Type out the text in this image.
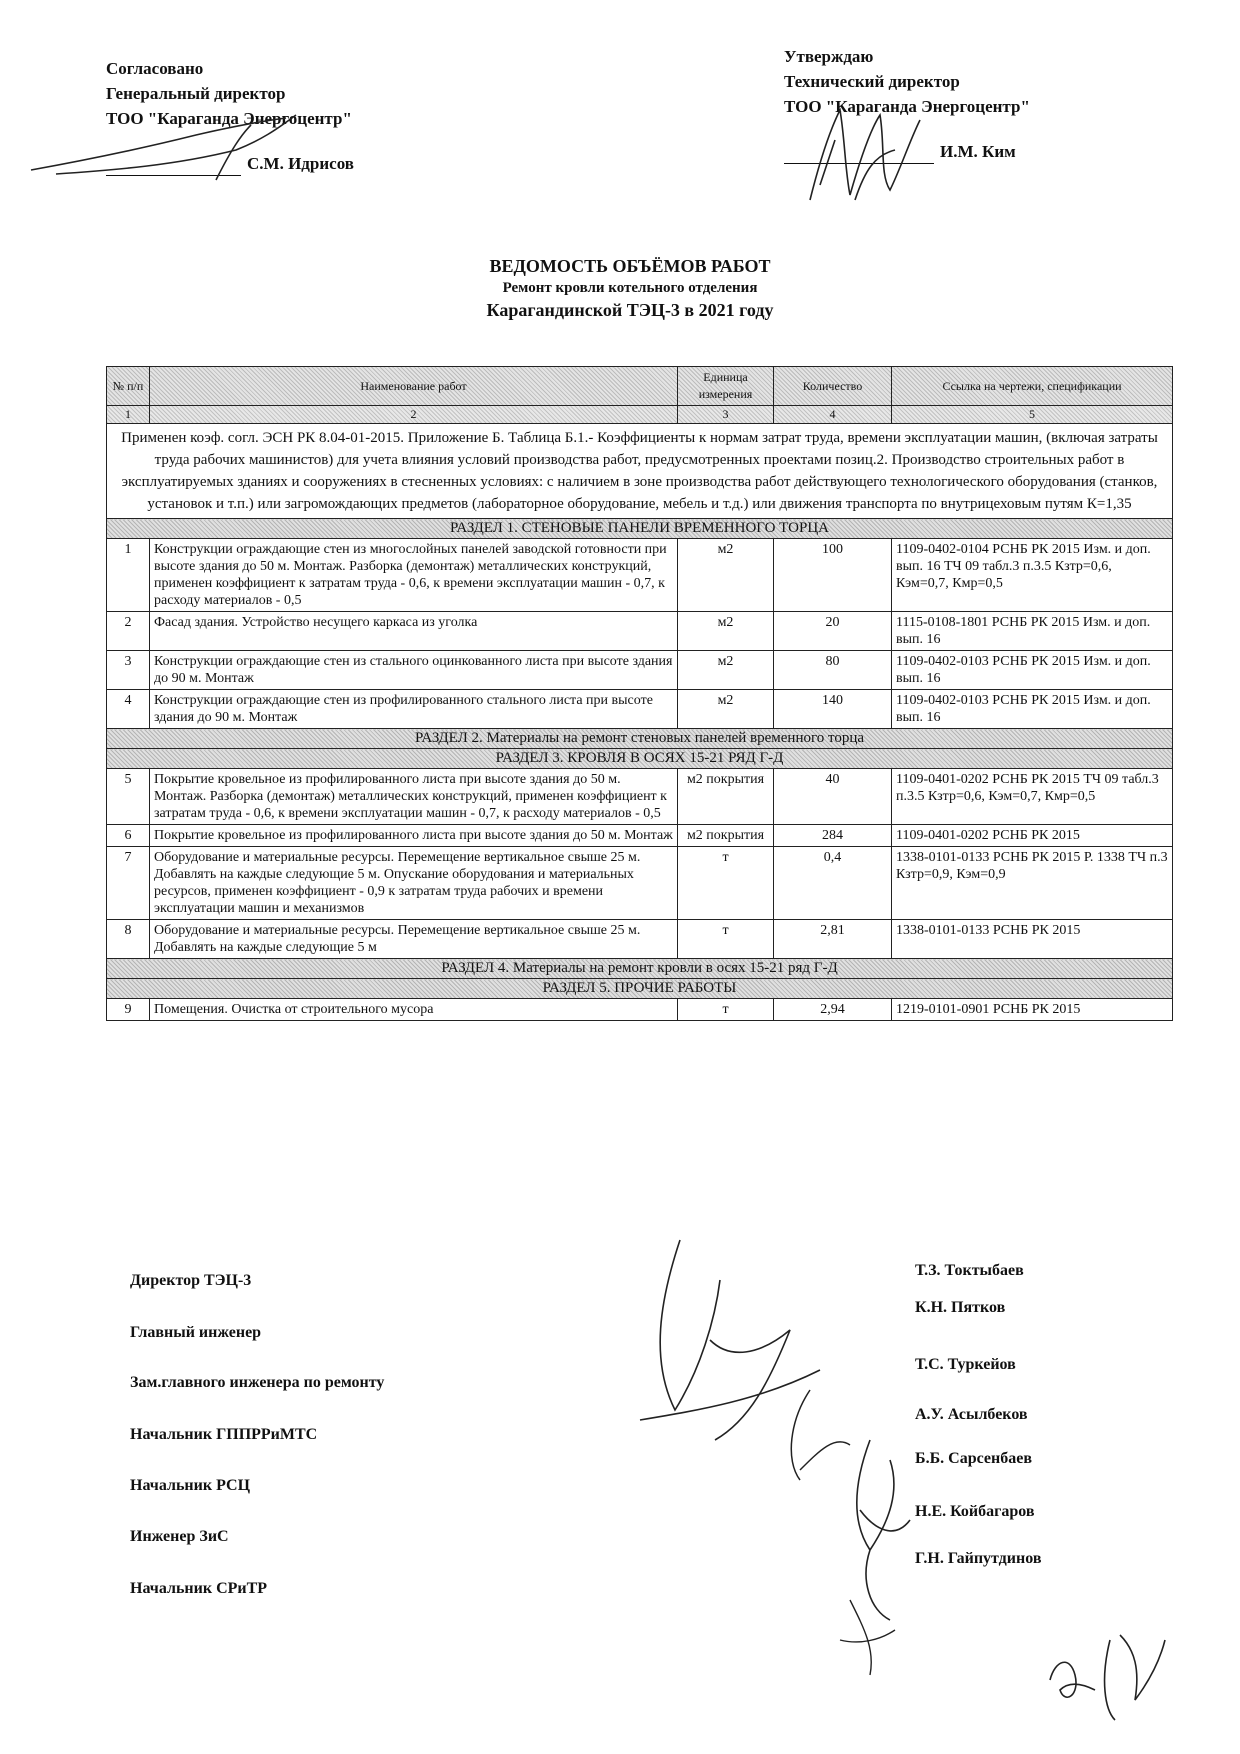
Согласовано
Генеральный директор
ТОО "Караганда Энергоцентр"
С.М. Идрисов
Утверждаю
Технический директор
ТОО "Караганда Энергоцентр"
И.М. Ким
ВЕДОМОСТЬ ОБЪЁМОВ РАБОТ
Ремонт кровли котельного отделения
Карагандинской ТЭЦ-3 в 2021 году
№ п/п	Наименование работ	Единица измерения	Количество	Ссылка на чертежи, спецификации
1	2	3	4	5
Применен коэф. согл. ЭСН РК 8.04-01-2015. Приложение Б. Таблица Б.1.- Коэффициенты к нормам затрат труда, времени эксплуатации машин, (включая затраты труда рабочих машинистов) для учета влияния условий производства работ, предусмотренных проектами позиц.2. Производство строительных работ в эксплуатируемых зданиях и сооружениях в стесненных условиях: с наличием в зоне производства работ действующего технологического оборудования (станков, установок и т.п.) или загромождающих предметов (лабораторное оборудование, мебель и т.д.) или движения транспорта по внутрицеховым путям К=1,35				
РАЗДЕЛ 1. СТЕНОВЫЕ ПАНЕЛИ ВРЕМЕННОГО ТОРЦА				
1	Конструкции ограждающие стен из многослойных панелей заводской готовности при высоте здания до 50 м. Монтаж. Разборка (демонтаж) металлических конструкций, применен коэффициент к затратам труда - 0,6, к времени эксплуатации машин - 0,7, к расходу материалов - 0,5	м2	100	1109-0402-0104 РСНБ РК 2015 Изм. и доп. вып. 16 ТЧ 09 табл.3 п.3.5 Кзтр=0,6, Кэм=0,7, Кмр=0,5
2	Фасад здания. Устройство несущего каркаса из уголка	м2	20	1115-0108-1801 РСНБ РК 2015 Изм. и доп. вып. 16
3	Конструкции ограждающие стен из стального оцинкованного листа при высоте здания до 90 м. Монтаж	м2	80	1109-0402-0103 РСНБ РК 2015 Изм. и доп. вып. 16
4	Конструкции ограждающие стен из профилированного стального листа при высоте здания до 90 м. Монтаж	м2	140	1109-0402-0103 РСНБ РК 2015 Изм. и доп. вып. 16
РАЗДЕЛ 2. Материалы на ремонт стеновых панелей временного торца				
РАЗДЕЛ 3. КРОВЛЯ В ОСЯХ 15-21 РЯД Г-Д				
5	Покрытие кровельное из профилированного листа при высоте здания до 50 м. Монтаж. Разборка (демонтаж) металлических конструкций, применен коэффициент к затратам труда - 0,6, к времени эксплуатации машин - 0,7, к расходу материалов - 0,5	м2 покрытия	40	1109-0401-0202 РСНБ РК 2015 ТЧ 09 табл.3 п.3.5 Кзтр=0,6, Кэм=0,7, Кмр=0,5
6	Покрытие кровельное из профилированного листа при высоте здания до 50 м. Монтаж	м2 покрытия	284	1109-0401-0202 РСНБ РК 2015
7	Оборудование и материальные ресурсы. Перемещение вертикальное свыше 25 м. Добавлять на каждые следующие 5 м. Опускание оборудования и материальных ресурсов, применен коэффициент - 0,9 к затратам труда рабочих и времени эксплуатации машин и механизмов	т	0,4	1338-0101-0133 РСНБ РК 2015 Р. 1338 ТЧ п.3 Кзтр=0,9, Кэм=0,9
8	Оборудование и материальные ресурсы. Перемещение вертикальное свыше 25 м. Добавлять на каждые следующие 5 м	т	2,81	1338-0101-0133 РСНБ РК 2015
РАЗДЕЛ 4. Материалы на ремонт кровли в осях 15-21 ряд Г-Д				
РАЗДЕЛ 5. ПРОЧИЕ РАБОТЫ				
9	Помещения. Очистка от строительного мусора	т	2,94	1219-0101-0901 РСНБ РК 2015
Директор ТЭЦ-3
Т.З. Токтыбаев
Главный инженер
К.Н. Пятков
Зам.главного инженера по ремонту
Т.С. Туркейов
Начальник ГППРРиМТС
А.У. Асылбеков
Начальник РСЦ
Б.Б. Сарсенбаев
Инженер ЗиС
Н.Е. Койбагаров
Начальник СРиТР
Г.Н. Гайпутдинов
